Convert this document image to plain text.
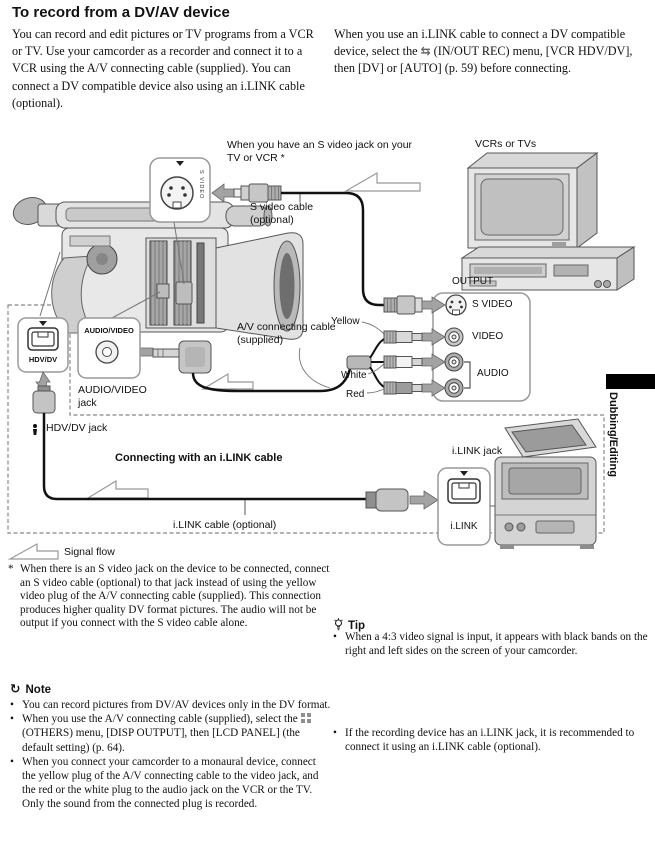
To record from a DV/AV device
You can record and edit pictures or TV programs from a VCR or TV. Use your camcorder as a recorder and connect it to a VCR using the A/V connecting cable (supplied). You can connect a DV compatible device also using an i.LINK cable (optional).
When you use an i.LINK cable to connect a DV compatible device, select the ⇆ (IN/OUT REC) menu, [VCR HDV/DV], then [DV] or [AUTO] (p. 59) before connecting.
When you have an S video jack on your TV or VCR *
VCRs or TVs
S video cable (optional)
S VIDEO
OUTPUT
S VIDEO
VIDEO
AUDIO
Yellow
White
Red
A/V connecting cable (supplied)
AUDIO/VIDEO
AUDIO/VIDEO jack
HDV/DV
HDV/DV jack
Connecting with an i.LINK cable
i.LINK jack
i.LINK cable (optional)	i.LINK
Signal flow
Dubbing/Editing
* When there is an S video jack on the device to be connected, connect an S video cable (optional) to that jack instead of using the yellow video plug of the A/V connecting cable (supplied). This connection produces higher quality DV format pictures. The audio will not be output if you connect with the S video cable alone.
• When a 4:3 video signal is input, it appears with black bands on the right and left sides on the screen of your camcorder.
Tip
• If the recording device has an i.LINK jack, it is recommended to connect it using an i.LINK cable (optional).
↻ Note
• You can record pictures from DV/AV devices only in the DV format.
• When you use the A/V connecting cable (supplied), select the(OTHERS) menu, [DISP OUTPUT], then [LCD PANEL] (the default setting) (p. 64).
• When you connect your camcorder to a monaural device, connect the yellow plug of the A/V connecting cable to the video jack, and the red or the white plug to the audio jack on the VCR or the TV. Only the sound from the connected plug is recorded.
